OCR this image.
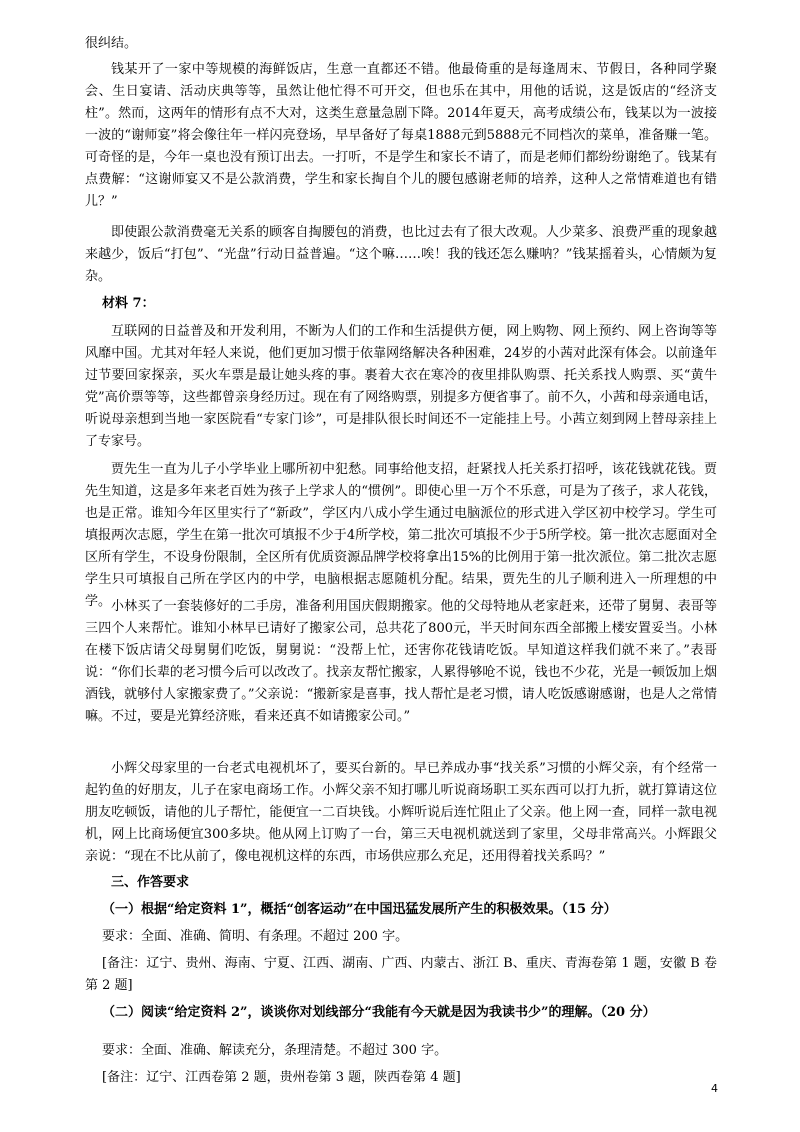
很纠结。

钱某开了一家中等规模的海鲜饭店，生意一直都还不错。他最倚重的是每逢周末、节假日，各种同学聚会、生日宴请、活动庆典等等，虽然让他忙得不可开交，但也乐在其中，用他的话说，这是饭店的“经济支柱”。然而，这两年的情形有点不大对，这类生意量急剧下降。2014年夏天，高考成绩公布，钱某以为一波接一波的“谢师宴”将会像往年一样闪亮登场，早早备好了每桌1888元到5888元不同档次的菜单，准备赚一笔。可奇怪的是，今年一桌也没有预订出去。一打听，不是学生和家长不请了，而是老师们都纷纷谢绝了。钱某有点费解：“这谢师宴又不是公款消费，学生和家长掏自个儿的腰包感谢老师的培养，这种人之常情难道也有错儿？”

即使跟公款消费毫无关系的顾客自掏腰包的消费，也比过去有了很大改观。人少菜多、浪费严重的现象越来越少，饭后“打包”、“光盘”行动日益普遍。“这个嘛……唉！我的钱还怎么赚呐？”钱某摇着头，心情颇为复杂。

材料 7：

互联网的日益普及和开发利用，不断为人们的工作和生活提供方便，网上购物、网上预约、网上咨询等等风靡中国。尤其对年轻人来说，他们更加习惯于依靠网络解决各种困难，24岁的小茜对此深有体会。以前逢年过节要回家探亲，买火车票是最让她头疼的事。裹着大衣在寒冷的夜里排队购票、托关系找人购票、买“黄牛党”高价票等等，这些都曾亲身经历过。现在有了网络购票，别提多方便省事了。前不久，小茜和母亲通电话，听说母亲想到当地一家医院看“专家门诊”，可是排队很长时间还不一定能挂上号。小茜立刻到网上替母亲挂上了专家号。

贾先生一直为儿子小学毕业上哪所初中犯愁。同事给他支招，赶紧找人托关系打招呼，该花钱就花钱。贾先生知道，这是多年来老百姓为孩子上学求人的“惯例”。即使心里一万个不乐意，可是为了孩子，求人花钱，也是正常。谁知今年区里实行了“新政”，学区内八成小学生通过电脑派位的形式进入学区初中校学习。学生可填报两次志愿，学生在第一批次可填报不少于4所学校，第二批次可填报不少于5所学校。第一批次志愿面对全区所有学生，不设身份限制，全区所有优质资源品牌学校将拿出15%的比例用于第一批次派位。第二批次志愿学生只可填报自己所在学区内的中学，电脑根据志愿随机分配。结果，贾先生的儿子顺利进入一所理想的中学。 小林买了一套装修好的二手房，准备利用国庆假期搬家。他的父母特地从老家赶来，还带了舅舅、表哥等三四个人来帮忙。谁知小林早已请好了搬家公司，总共花了800元，半天时间东西全部搬上楼安置妥当。小林在楼下饭店请父母舅舅们吃饭，舅舅说：“没帮上忙，还害你花钱请吃饭。早知道这样我们就不来了。”表哥说：“你们长辈的老习惯今后可以改改了。找亲友帮忙搬家，人累得够呛不说，钱也不少花，光是一顿饭加上烟酒钱，就够付人家搬家费了。”父亲说：“搬新家是喜事，找人帮忙是老习惯，请人吃饭感谢感谢，也是人之常情嘛。不过，要是光算经济账，看来还真不如请搬家公司。”

小辉父母家里的一台老式电视机坏了，要买台新的。早已养成办事“找关系”习惯的小辉父亲，有个经常一起钓鱼的好朋友，儿子在家电商场工作。小辉父亲不知打哪儿听说商场职工买东西可以打九折，就打算请这位朋友吃顿饭，请他的儿子帮忙，能便宜一二百块钱。小辉听说后连忙阻止了父亲。他上网一查，同样一款电视机，网上比商场便宜300多块。他从网上订购了一台，第三天电视机就送到了家里，父母非常高兴。小辉跟父亲说：“现在不比从前了，像电视机这样的东西，市场供应那么充足，还用得着找关系吗？”

三、作答要求

（一）根据“给定资料 1”，概括“创客运动”在中国迅猛发展所产生的积极效果。（15 分）

要求：全面、准确、简明、有条理。不超过 200 字。

[备注：辽宁、贵州、海南、宁夏、江西、湖南、广西、内蒙古、浙江 B、重庆、青海卷第 1 题，安徽 B 卷第 2 题]

（二）阅读“给定资料 2”，谈谈你对划线部分“我能有今天就是因为我读书少”的理解。（20 分）

要求：全面、准确、解读充分，条理清楚。不超过 300 字。

[备注：辽宁、江西卷第 2 题，贵州卷第 3 题，陕西卷第 4 题]

4
